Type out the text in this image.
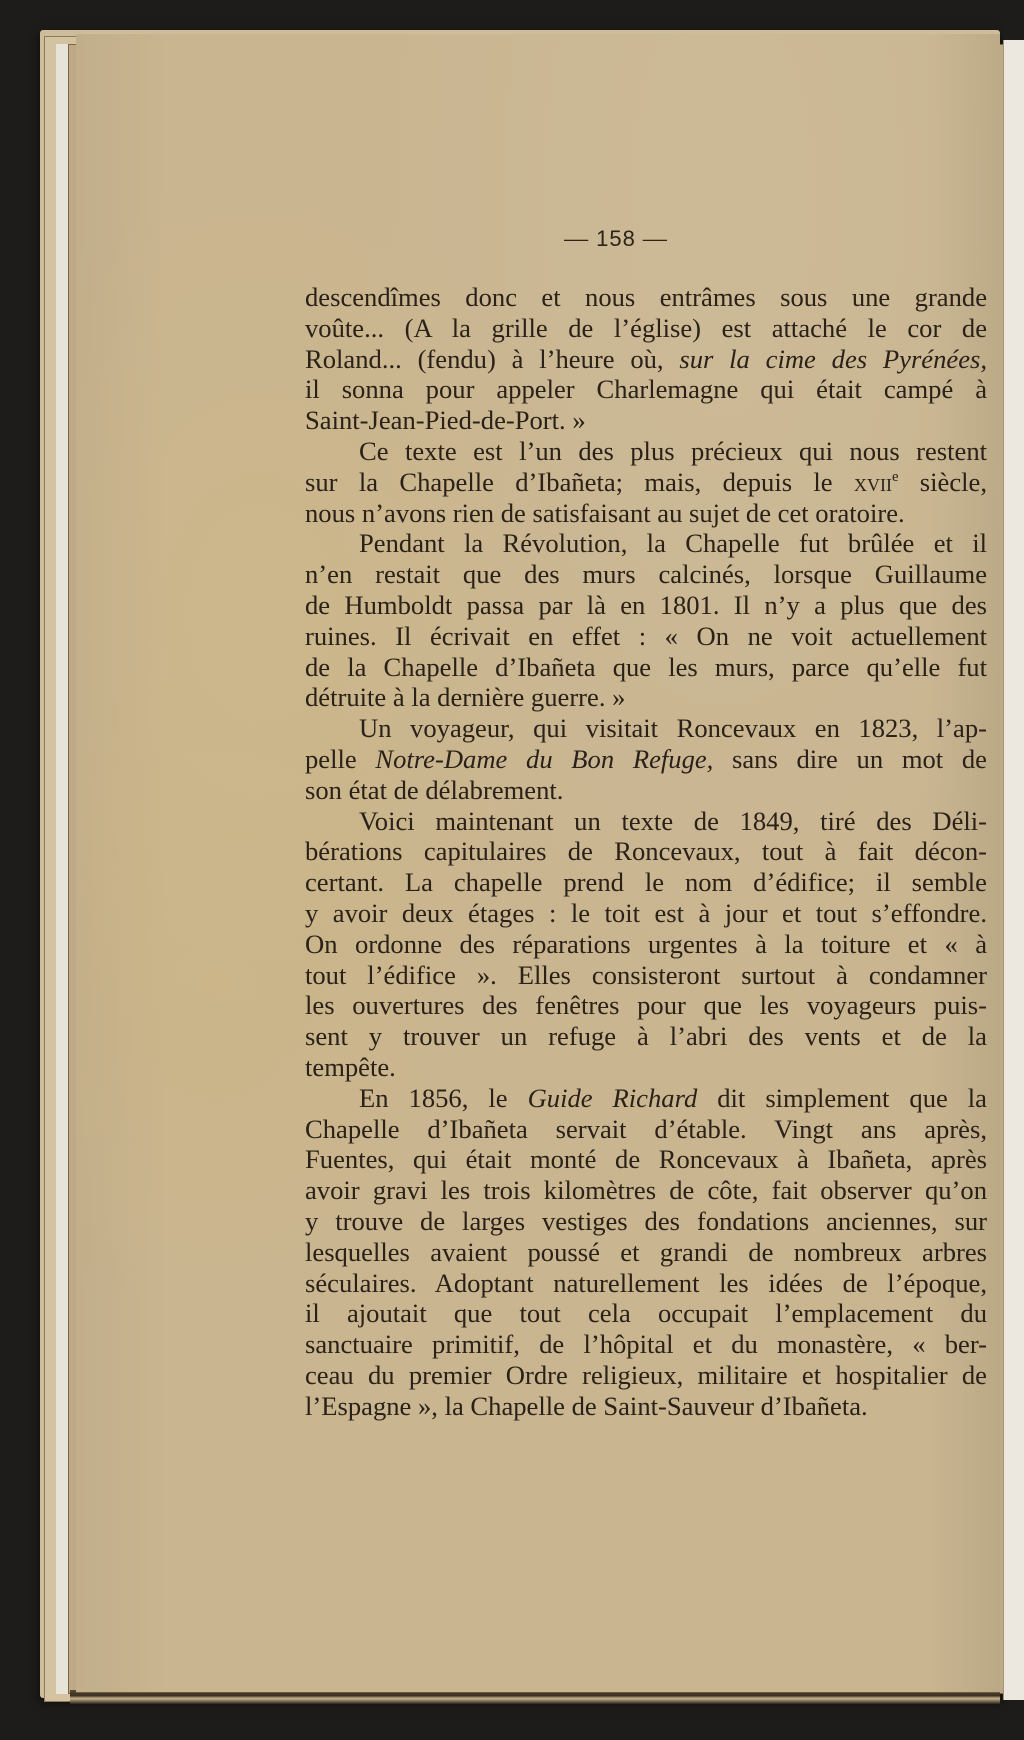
— 158 —
descendîmes donc et nous entrâmes sous une grande
voûte... (A la grille de l’église) est attaché le cor de
Roland... (fendu) à l’heure où, sur la cime des Pyrénées,
il sonna pour appeler Charlemagne qui était campé à
Saint-Jean-Pied-de-Port. »
Ce texte est l’un des plus précieux qui nous restent
sur la Chapelle d’Ibañeta; mais, depuis le xvii$^e$ siècle,
nous n’avons rien de satisfaisant au sujet de cet oratoire.
Pendant la Révolution, la Chapelle fut brûlée et il
n’en restait que des murs calcinés, lorsque Guillaume
de Humboldt passa par là en 1801. Il n’y a plus que des
ruines. Il écrivait en effet : « On ne voit actuellement
de la Chapelle d’Ibañeta que les murs, parce qu’elle fut
détruite à la dernière guerre. »
Un voyageur, qui visitait Roncevaux en 1823, l’ap-
pelle Notre-Dame du Bon Refuge, sans dire un mot de
son état de délabrement.
Voici maintenant un texte de 1849, tiré des Déli-
bérations capitulaires de Roncevaux, tout à fait décon-
certant. La chapelle prend le nom d’édifice; il semble
y avoir deux étages : le toit est à jour et tout s’effondre.
On ordonne des réparations urgentes à la toiture et « à
tout l’édifice ». Elles consisteront surtout à condamner
les ouvertures des fenêtres pour que les voyageurs puis-
sent y trouver un refuge à l’abri des vents et de la
tempête.
En 1856, le Guide Richard dit simplement que la
Chapelle d’Ibañeta servait d’étable. Vingt ans après,
Fuentes, qui était monté de Roncevaux à Ibañeta, après
avoir gravi les trois kilomètres de côte, fait observer qu’on
y trouve de larges vestiges des fondations anciennes, sur
lesquelles avaient poussé et grandi de nombreux arbres
séculaires. Adoptant naturellement les idées de l’époque,
il ajoutait que tout cela occupait l’emplacement du
sanctuaire primitif, de l’hôpital et du monastère, « ber-
ceau du premier Ordre religieux, militaire et hospitalier de
l’Espagne », la Chapelle de Saint-Sauveur d’Ibañeta.
